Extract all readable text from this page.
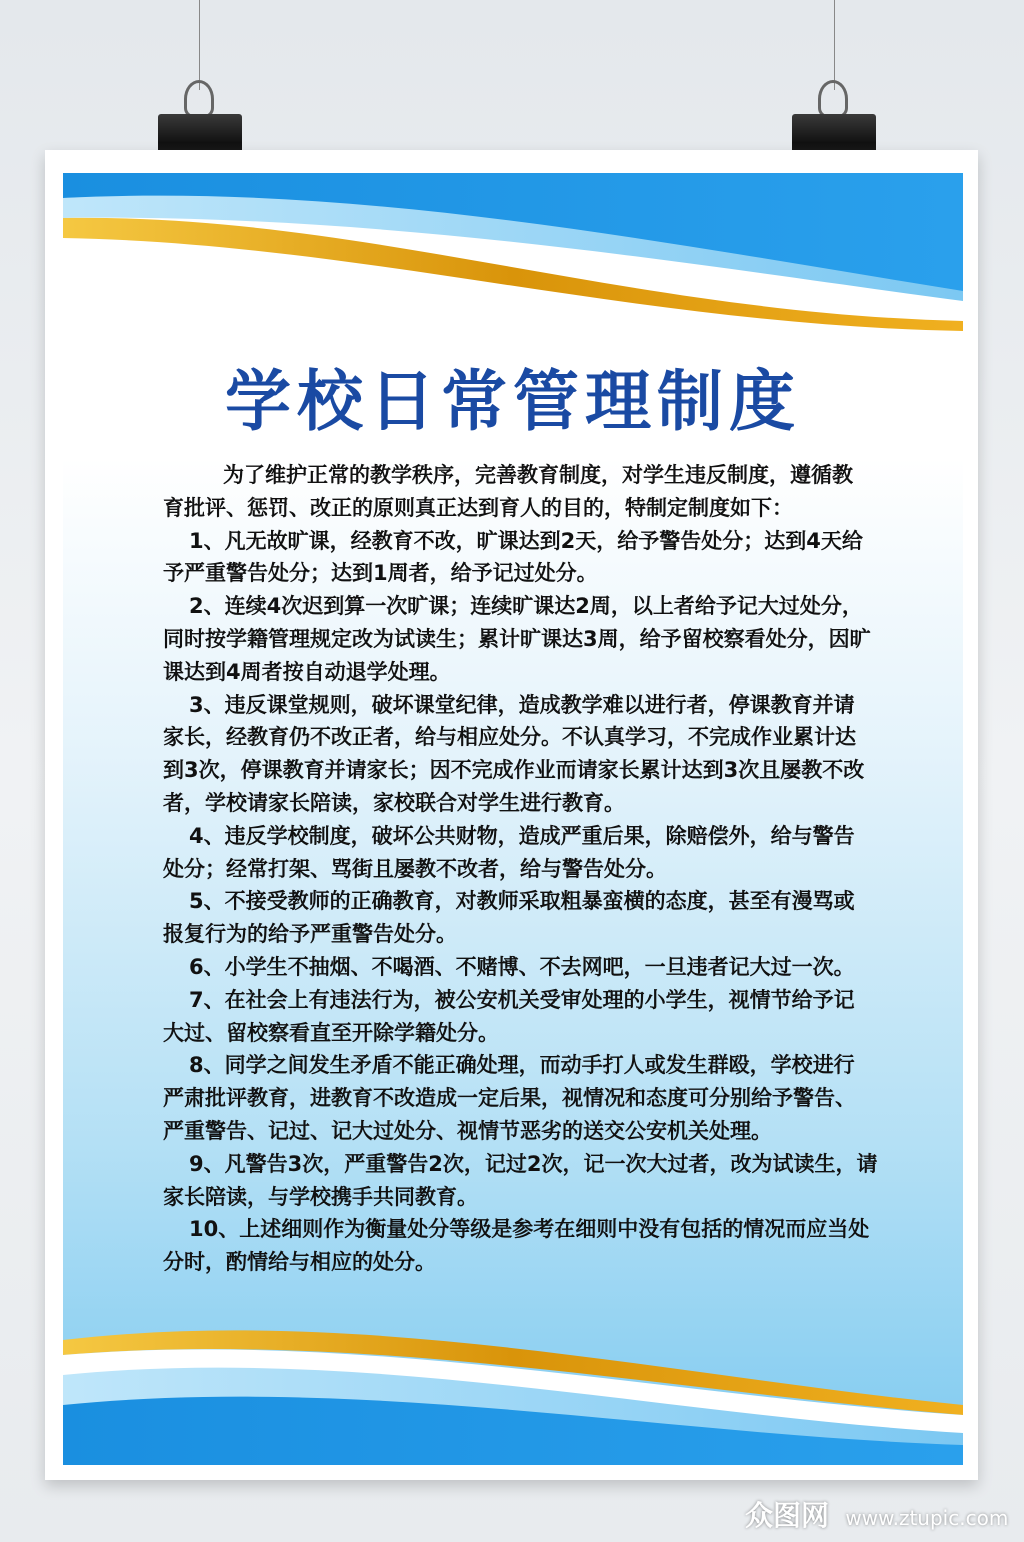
学校日常管理制度
为了维护正常的教学秩序，完善教育制度，对学生违反制度，遵循教
育批评、惩罚、改正的原则真正达到育人的目的，特制定制度如下：
1、凡无故旷课，经教育不改，旷课达到2天，给予警告处分；达到4天给
予严重警告处分；达到1周者，给予记过处分。
2、连续4次迟到算一次旷课；连续旷课达2周，以上者给予记大过处分，
同时按学籍管理规定改为试读生；累计旷课达3周，给予留校察看处分，因旷
课达到4周者按自动退学处理。
3、违反课堂规则，破坏课堂纪律，造成教学难以进行者，停课教育并请
家长，经教育仍不改正者，给与相应处分。不认真学习，不完成作业累计达
到3次，停课教育并请家长；因不完成作业而请家长累计达到3次且屡教不改
者，学校请家长陪读，家校联合对学生进行教育。
4、违反学校制度，破坏公共财物，造成严重后果，除赔偿外，给与警告
处分；经常打架、骂街且屡教不改者，给与警告处分。
5、不接受教师的正确教育，对教师采取粗暴蛮横的态度，甚至有漫骂或
报复行为的给予严重警告处分。
6、小学生不抽烟、不喝酒、不赌博、不去网吧，一旦违者记大过一次。
7、在社会上有违法行为，被公安机关受审处理的小学生，视情节给予记
大过、留校察看直至开除学籍处分。
8、同学之间发生矛盾不能正确处理，而动手打人或发生群殴，学校进行
严肃批评教育，进教育不改造成一定后果，视情况和态度可分别给予警告、
严重警告、记过、记大过处分、视情节恶劣的送交公安机关处理。
9、凡警告3次，严重警告2次，记过2次，记一次大过者，改为试读生，请
家长陪读，与学校携手共同教育。
10、上述细则作为衡量处分等级是参考在细则中没有包括的情况而应当处
分时，酌情给与相应的处分。
众图网 www.ztupic.com
